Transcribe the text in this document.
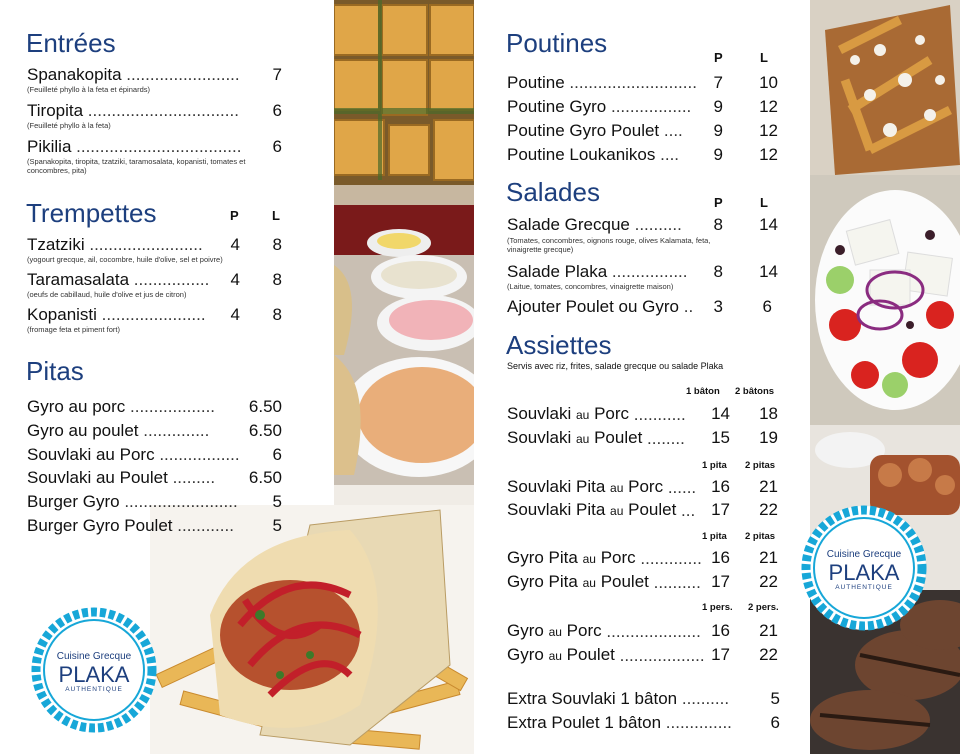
Cuisine Grecque
PLAKA
AUTHENTIQUE
Cuisine Grecque
PLAKA
AUTHENTIQUE
Entrées
Spanakopita ........................	7
(Feuilleté phyllo à la feta et épinards)
Tiropita ................................	6
(Feuilleté phyllo à la feta)
Pikilia ...................................	6
(Spanakopita, tiropita, tzatziki, taramosalata, kopanisti, tomates et concombres, pita)
Trempettes	P	L
Tzatziki ........................	4	8
(yogourt grecque, ail, cocombre, huile d'olive, sel et poivre)
Taramasalata ................	4	8
(oeufs de cabillaud, huile d'olive et jus de citron)
Kopanisti ......................	4	8
(fromage feta et piment fort)
Pitas
Gyro au porc ..................	6.50
Gyro au poulet ..............	6.50
Souvlaki au Porc .................	6
Souvlaki au Poulet .........	6.50
Burger Gyro ........................	5
Burger Gyro Poulet ............	5
Poutines	P	L
Poutine ........................... 7	10
Poutine Gyro .................	9	12
Poutine Gyro Poulet ....	9	12
Poutine Loukanikos ....	9	12
Salades	P	L
Salade Grecque ..........	8	14
(Tomates, concombres, oignons rouge, olives Kalamata, feta, vinaigrette grecque)
Salade Plaka ................	8	14
(Laitue, tomates, concombres, vinaigrette maison)
Ajouter Poulet ou Gyro ..	3	6
Assiettes
Servis avec riz, frites, salade grecque ou salade Plaka
1 bâton 2 bâtons
Souvlaki au Porc ...........	14	18
Souvlaki au Poulet ........	15	19
1 pita 2 pitas
Souvlaki Pita au Porc ...... 16	21
Souvlaki Pita au Poulet ... 17	22
1 pita 2 pitas
Gyro Pita au Porc ............. 16	21
Gyro Pita au Poulet .......... 17	22
1 pers. 2 pers.
Gyro au Porc .................... 16	21
Gyro au Poulet .................. 17	22
Extra Souvlaki 1 bâton ..........	5
Extra Poulet 1 bâton ..............	6
